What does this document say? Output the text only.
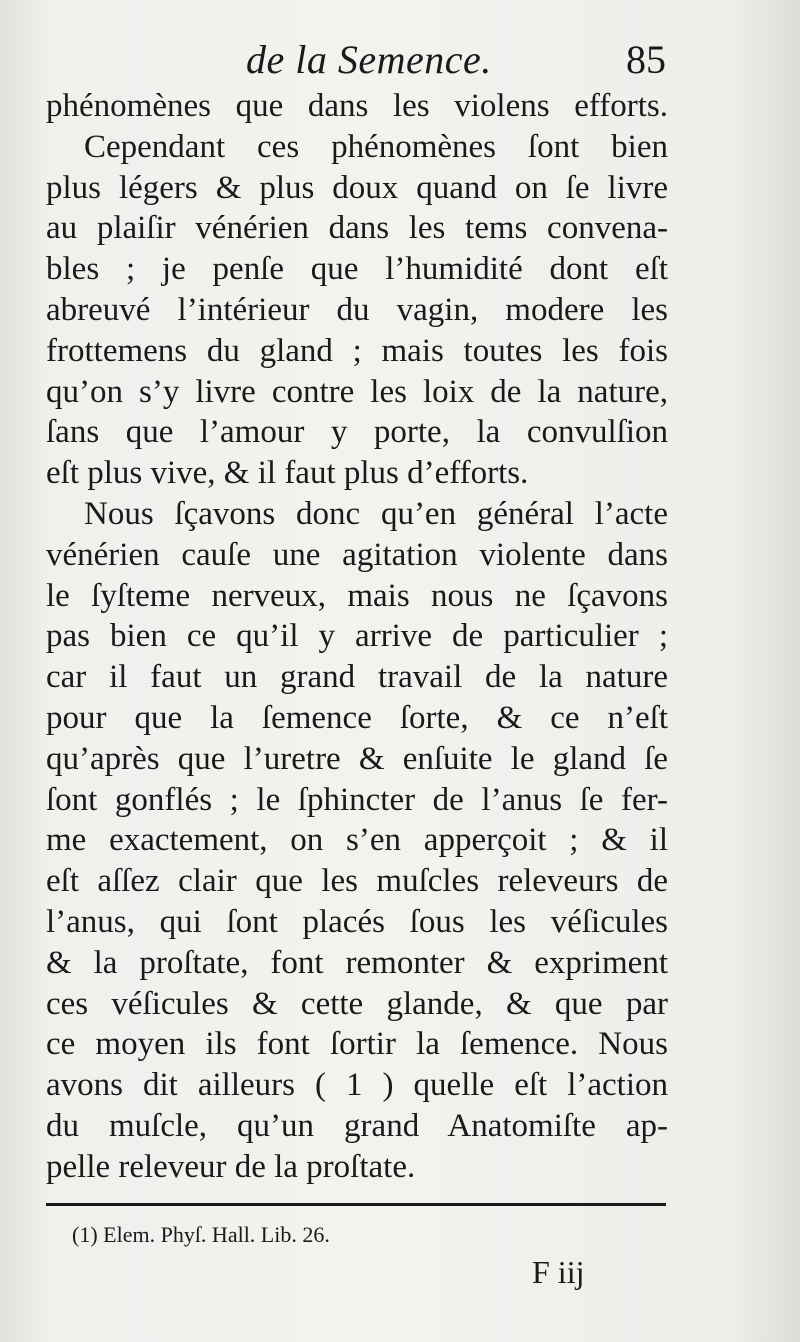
de la Semence.	85
phénomènes que dans les violens efforts.
Cependant ces phénomènes ſont bien
plus légers & plus doux quand on ſe livre
au plaiſir vénérien dans les tems convena-
bles ; je penſe que l’humidité dont eſt
abreuvé l’intérieur du vagin, modere les
frottemens du gland ; mais toutes les fois
qu’on s’y livre contre les loix de la nature,
ſans que l’amour y porte, la convulſion
eſt plus vive, & il faut plus d’efforts.
Nous ſçavons donc qu’en général l’acte
vénérien cauſe une agitation violente dans
le ſyſteme nerveux, mais nous ne ſçavons
pas bien ce qu’il y arrive de particulier ;
car il faut un grand travail de la nature
pour que la ſemence ſorte, & ce n’eſt
qu’après que l’uretre & enſuite le gland ſe
ſont gonflés ; le ſphincter de l’anus ſe fer-
me exactement, on s’en apperçoit ; & il
eſt aſſez clair que les muſcles releveurs de
l’anus, qui ſont placés ſous les véſicules
& la proſtate, font remonter & expriment
ces véſicules & cette glande, & que par
ce moyen ils font ſortir la ſemence. Nous
avons dit ailleurs ( 1 ) quelle eſt l’action
du muſcle, qu’un grand Anatomiſte ap-
pelle releveur de la proſtate.
(1) Elem. Phyſ. Hall. Lib. 26.
F iij
